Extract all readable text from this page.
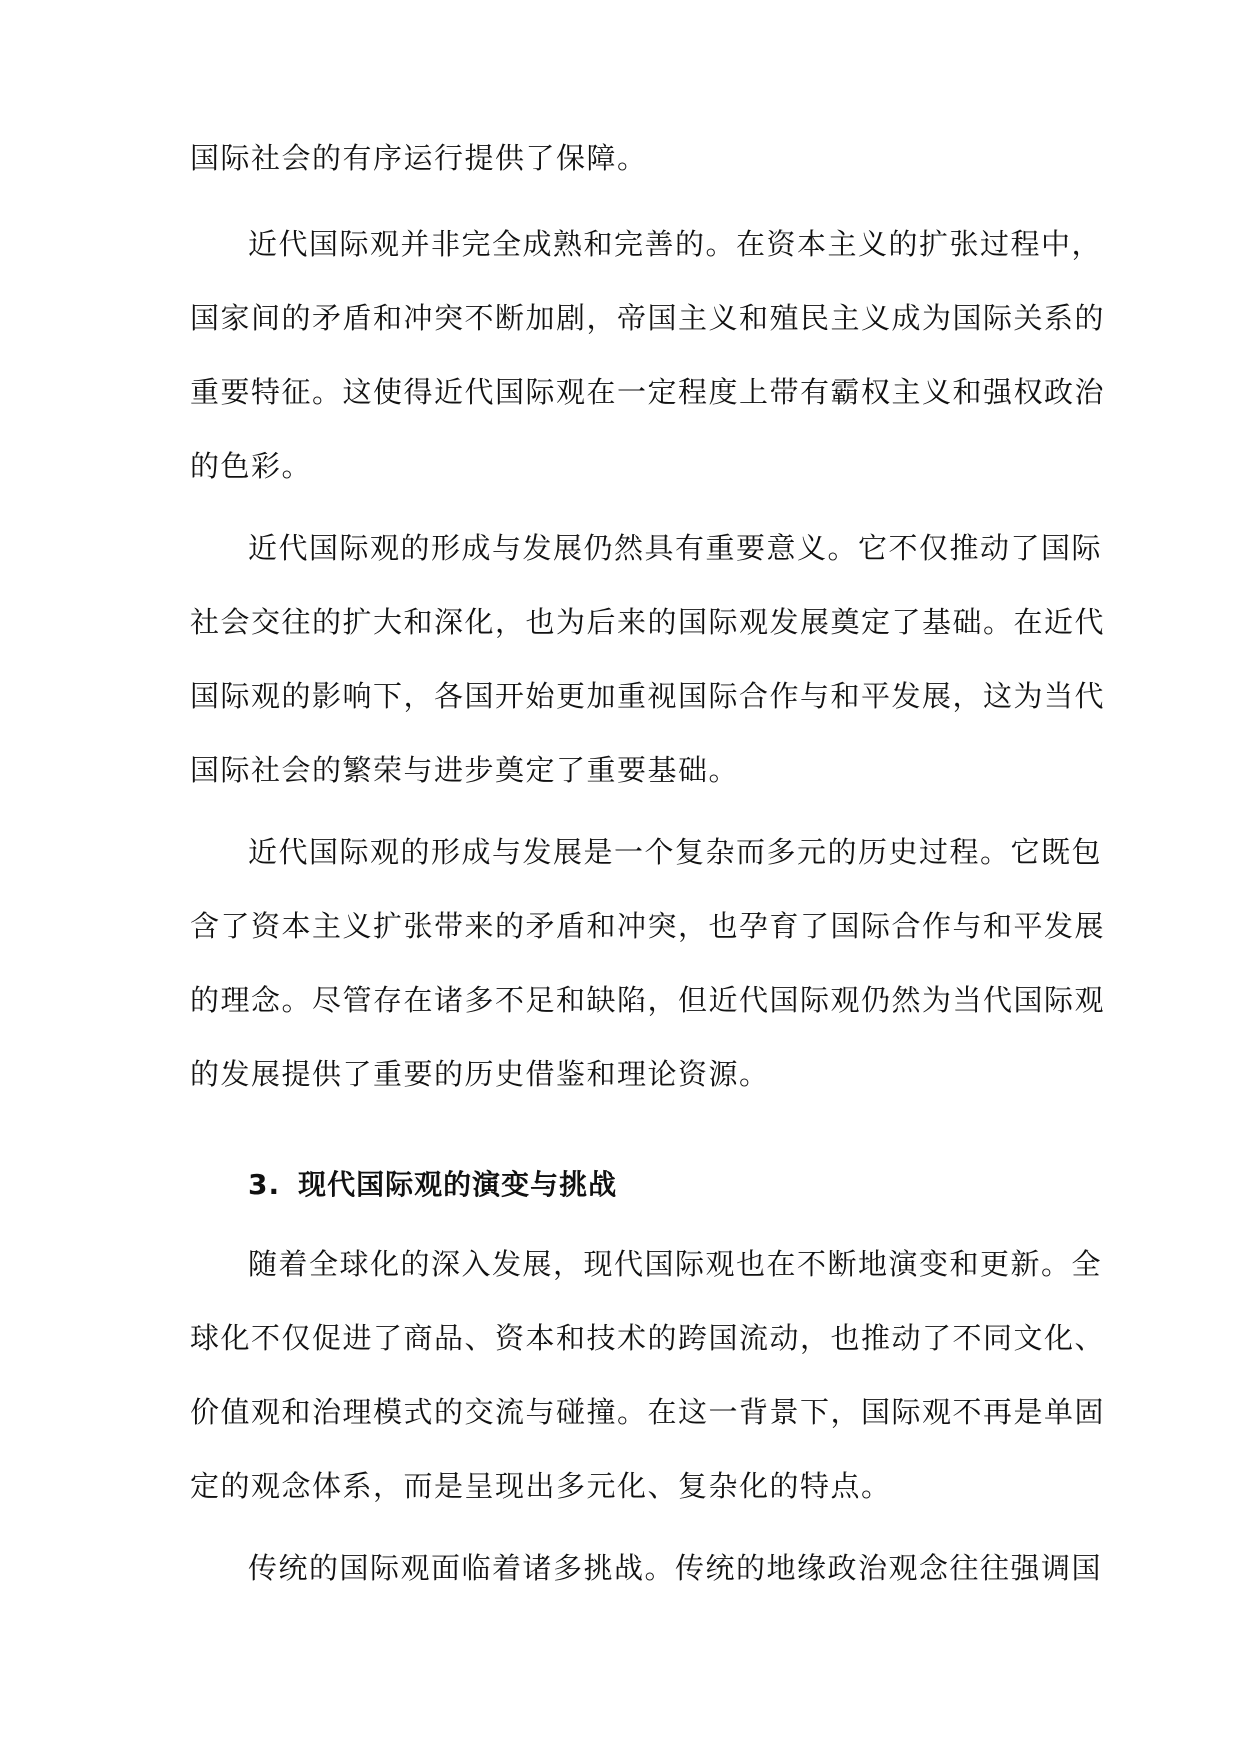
国际社会的有序运行提供了保障。
近代国际观并非完全成熟和完善的。在资本主义的扩张过程中，
国家间的矛盾和冲突不断加剧，帝国主义和殖民主义成为国际关系的
重要特征。这使得近代国际观在一定程度上带有霸权主义和强权政治
的色彩。
近代国际观的形成与发展仍然具有重要意义。它不仅推动了国际
社会交往的扩大和深化，也为后来的国际观发展奠定了基础。在近代
国际观的影响下，各国开始更加重视国际合作与和平发展，这为当代
国际社会的繁荣与进步奠定了重要基础。
近代国际观的形成与发展是一个复杂而多元的历史过程。它既包
含了资本主义扩张带来的矛盾和冲突，也孕育了国际合作与和平发展
的理念。尽管存在诸多不足和缺陷，但近代国际观仍然为当代国际观
的发展提供了重要的历史借鉴和理论资源。
3. 现代国际观的演变与挑战
随着全球化的深入发展，现代国际观也在不断地演变和更新。全
球化不仅促进了商品、资本和技术的跨国流动，也推动了不同文化、
价值观和治理模式的交流与碰撞。在这一背景下，国际观不再是单固
定的观念体系，而是呈现出多元化、复杂化的特点。
传统的国际观面临着诸多挑战。传统的地缘政治观念往往强调国
